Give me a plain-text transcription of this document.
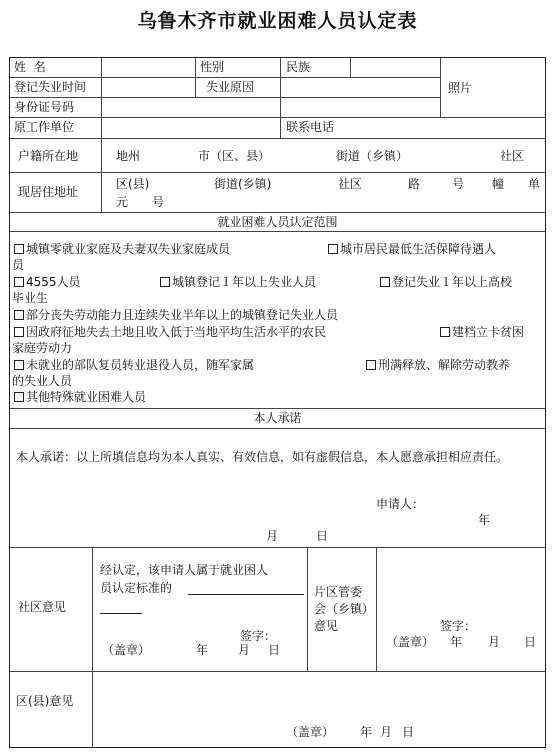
乌鲁木齐市就业困难人员认定表
姓 名	性别	民族
照片
登记失业时间	失业原因
身份证号码
原工作单位	联系电话
户籍所在地	地州	市（区、县）	街道（乡镇）	社区
现居住地址
区(县)	街道(乡镇)	社区	路	号 幢 单
元 号
就业困难人员认定范围
城镇零就业家庭及夫妻双失业家庭成员	城市居民最低生活保障待遇人
员
4555人员	城镇登记１年以上失业人员	登记失业１年以上高校
毕业生
部分丧失劳动能力且连续失业半年以上的城镇登记失业人员
因政府征地失去土地且收入低于当地平均生活水平的农民	建档立卡贫困
家庭劳动力
未就业的部队复员转业退役人员，随军家属	刑满释放、解除劳动教养
的失业人员
其他特殊就业困难人员
本人承诺
本人承诺：以上所填信息均为本人真实、有效信息，如有虚假信息，本人愿意承担相应责任。
申请人：
年
月	日
社区意见
经认定，该申请人属于就业困人
员认定标准的
签字：
（盖章）	年 月 日
片区管委会（乡镇）意见	签字：
（盖章） 年 月 日
区(县)意见
（盖章） 年 月 日
